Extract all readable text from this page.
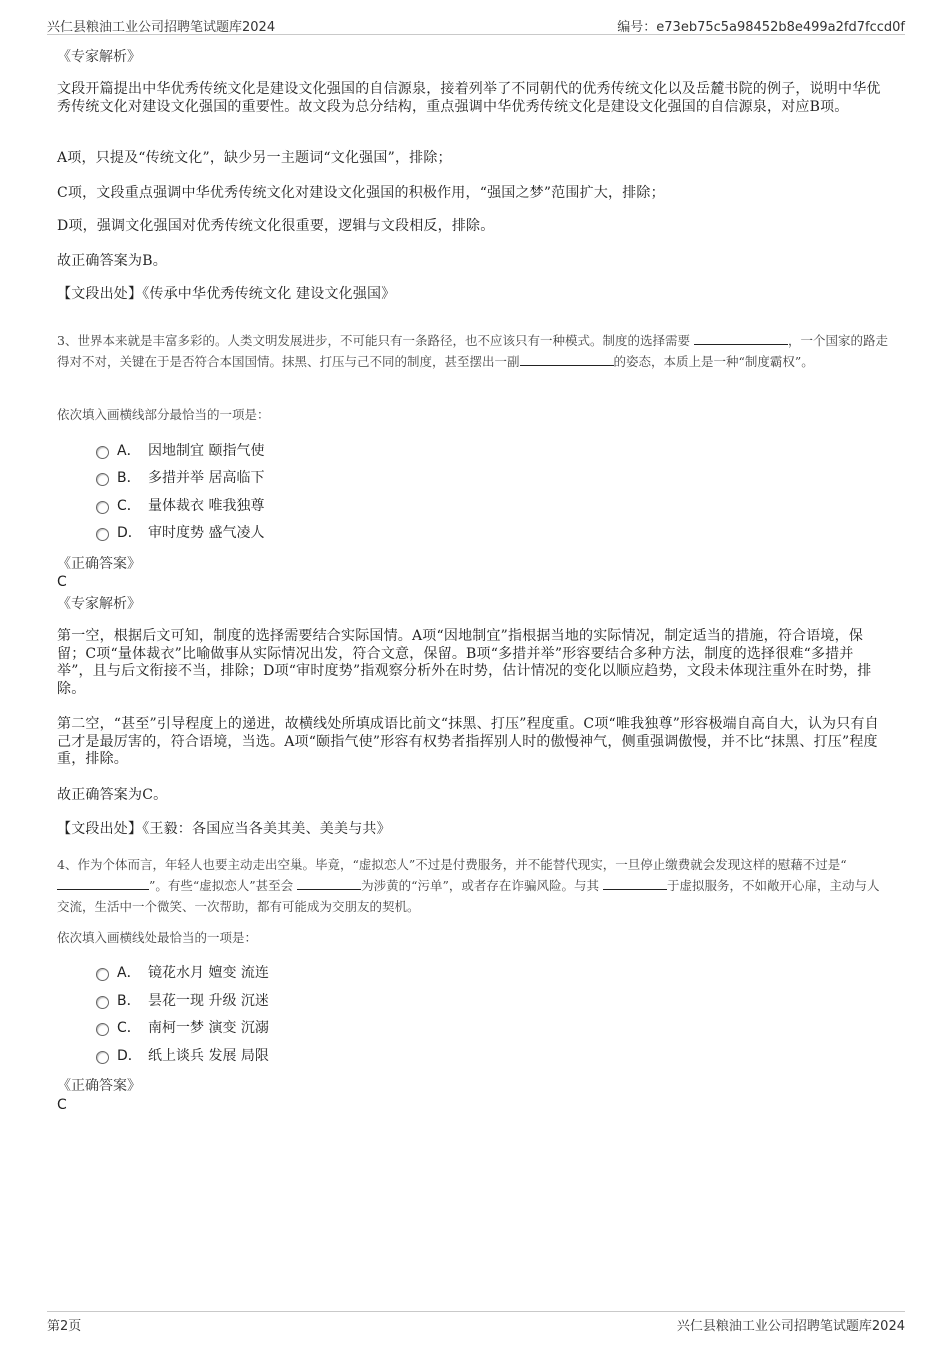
兴仁县粮油工业公司招聘笔试题库2024	编号：e73eb75c5a98452b8e499a2fd7fccd0f
《专家解析》

文段开篇提出中华优秀传统文化是建设文化强国的自信源泉，接着列举了不同朝代的优秀传统文化以及岳麓书院的例子，说明中华优秀传统文化对建设文化强国的重要性。故文段为总分结构，重点强调中华优秀传统文化是建设文化强国的自信源泉，对应B项。

A项，只提及“传统文化”，缺少另一主题词“文化强国”，排除；

C项，文段重点强调中华优秀传统文化对建设文化强国的积极作用，“强国之梦”范围扩大，排除；

D项，强调文化强国对优秀传统文化很重要，逻辑与文段相反，排除。

故正确答案为B。

【文段出处】《传承中华优秀传统文化 建设文化强国》

3、世界本来就是丰富多彩的。人类文明发展进步，不可能只有一条路径，也不应该只有一种模式。制度的选择需要	，一个国家的路走得对不对，关键在于是否符合本国国情。抹黑、打压与己不同的制度，甚至摆出一副	的姿态，本质上是一种“制度霸权”。

依次填入画横线部分最恰当的一项是：

A． 因地制宜 颐指气使
B． 多措并举 居高临下
C． 量体裁衣 唯我独尊
D． 审时度势 盛气凌人
《正确答案》
C
《专家解析》

第一空，根据后文可知，制度的选择需要结合实际国情。A项“因地制宜”指根据当地的实际情况，制定适当的措施，符合语境，保留；C项“量体裁衣”比喻做事从实际情况出发，符合文意，保留。B项“多措并举”形容要结合多种方法，制度的选择很难“多措并举”，且与后文衔接不当，排除；D项“审时度势”指观察分析外在时势，估计情况的变化以顺应趋势，文段未体现注重外在时势，排除。

第二空，“甚至”引导程度上的递进，故横线处所填成语比前文“抹黑、打压”程度重。C项“唯我独尊”形容极端自高自大，认为只有自己才是最厉害的，符合语境，当选。A项“颐指气使”形容有权势者指挥别人时的傲慢神气，侧重强调傲慢，并不比“抹黑、打压”程度重，排除。

故正确答案为C。

【文段出处】《王毅：各国应当各美其美、美美与共》

4、作为个体而言，年轻人也要主动走出空巢。毕竟，“虚拟恋人”不过是付费服务，并不能替代现实，一旦停止缴费就会发现这样的慰藉不过是“”。有些“虚拟恋人”甚至会	为涉黄的“污单”，或者存在诈骗风险。与其	于虚拟服务，不如敞开心扉，主动与人交流，生活中一个微笑、一次帮助，都有可能成为交朋友的契机。

依次填入画横线处最恰当的一项是：

A． 镜花水月 嬗变 流连
B． 昙花一现 升级 沉迷
C． 南柯一梦 演变 沉溺
D． 纸上谈兵 发展 局限
《正确答案》
C
第2页	兴仁县粮油工业公司招聘笔试题库2024
